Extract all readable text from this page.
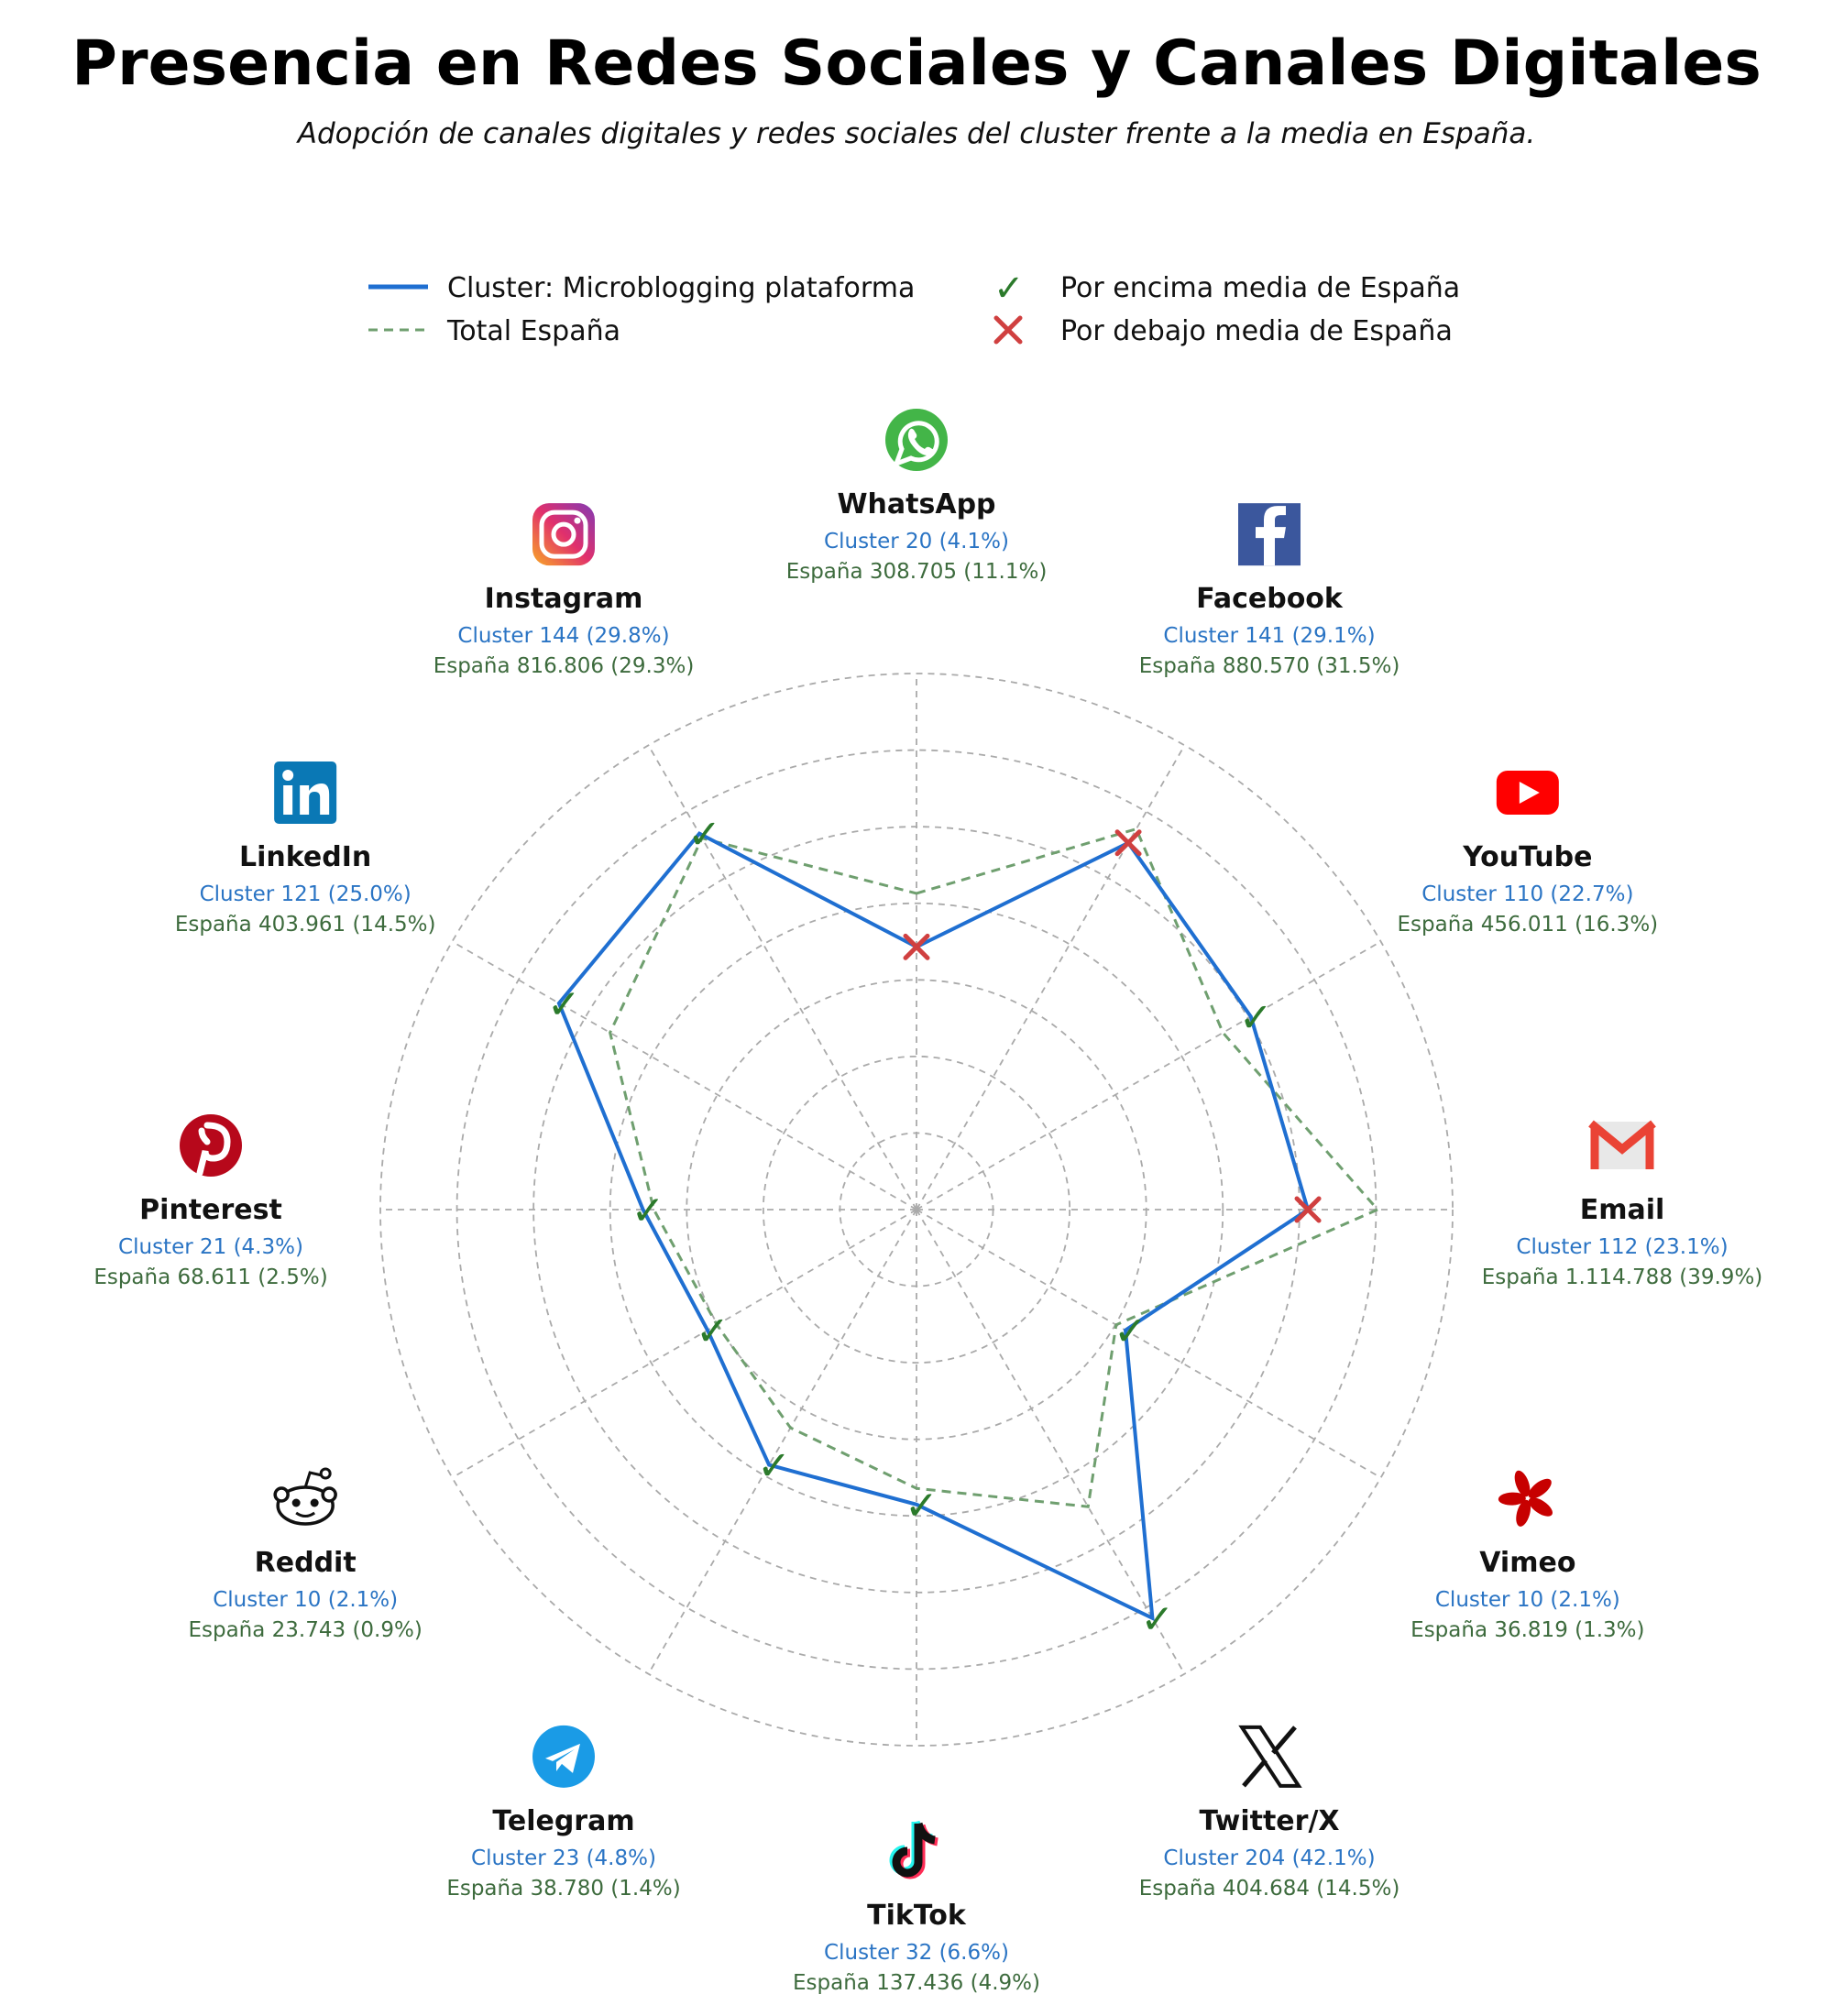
Presencia en Redes Sociales y Canales Digitales

Adopción de canales digitales y redes sociales del cluster frente a la media en España.

Cluster: Microblogging plataforma
Total España
✓ Por encima media de España
Por debajo media de España
✓
✓
✓
✓
✓
✓
✓
✓
✓
WhatsApp
Cluster 20 (4.1%)
España 308.705 (11.1%)
Facebook
Cluster 141 (29.1%)
España 880.570 (31.5%)
YouTube
Cluster 110 (22.7%)
España 456.011 (16.3%)
Email
Cluster 112 (23.1%)
España 1.114.788 (39.9%)
Vimeo
Cluster 10 (2.1%)
España 36.819 (1.3%)
Twitter/X
Cluster 204 (42.1%)
España 404.684 (14.5%)
TikTok
Cluster 32 (6.6%)
España 137.436 (4.9%)
Telegram
Cluster 23 (4.8%)
España 38.780 (1.4%)
Reddit
Cluster 10 (2.1%)
España 23.743 (0.9%)
Pinterest
Cluster 21 (4.3%)
España 68.611 (2.5%)
LinkedIn
Cluster 121 (25.0%)
España 403.961 (14.5%)
Instagram
Cluster 144 (29.8%)
España 816.806 (29.3%)
